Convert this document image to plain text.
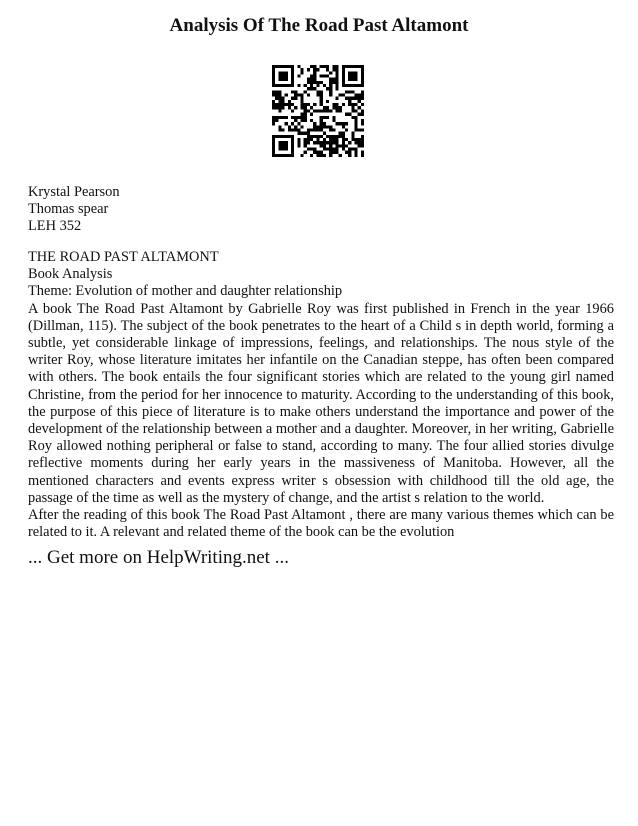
Analysis Of The Road Past Altamont
Krystal Pearson
Thomas spear
LEH 352
THE ROAD PAST ALTAMONT
Book Analysis
Theme: Evolution of mother and daughter relationship
A book The Road Past Altamont by Gabrielle Roy was first published in French in the year 1966 (Dillman, 115). The subject of the book penetrates to the heart of a Child s in depth world, forming a subtle, yet considerable linkage of impressions, feelings, and relationships. The nous style of the writer Roy, whose literature imitates her infantile on the Canadian steppe, has often been compared with others. The book entails the four significant stories which are related to the young girl named Christine, from the period for her innocence to maturity. According to the understanding of this book, the purpose of this piece of literature is to make others understand the importance and power of the development of the relationship between a mother and a daughter. Moreover, in her writing, Gabrielle Roy allowed nothing peripheral or false to stand, according to many. The four allied stories divulge reflective moments during her early years in the massiveness of Manitoba. However, all the mentioned characters and events express writer s obsession with childhood till the old age, the passage of the time as well as the mystery of change, and the artist s relation to the world.
After the reading of this book The Road Past Altamont , there are many various themes which can be related to it. A relevant and related theme of the book can be the evolution
... Get more on HelpWriting.net ...
